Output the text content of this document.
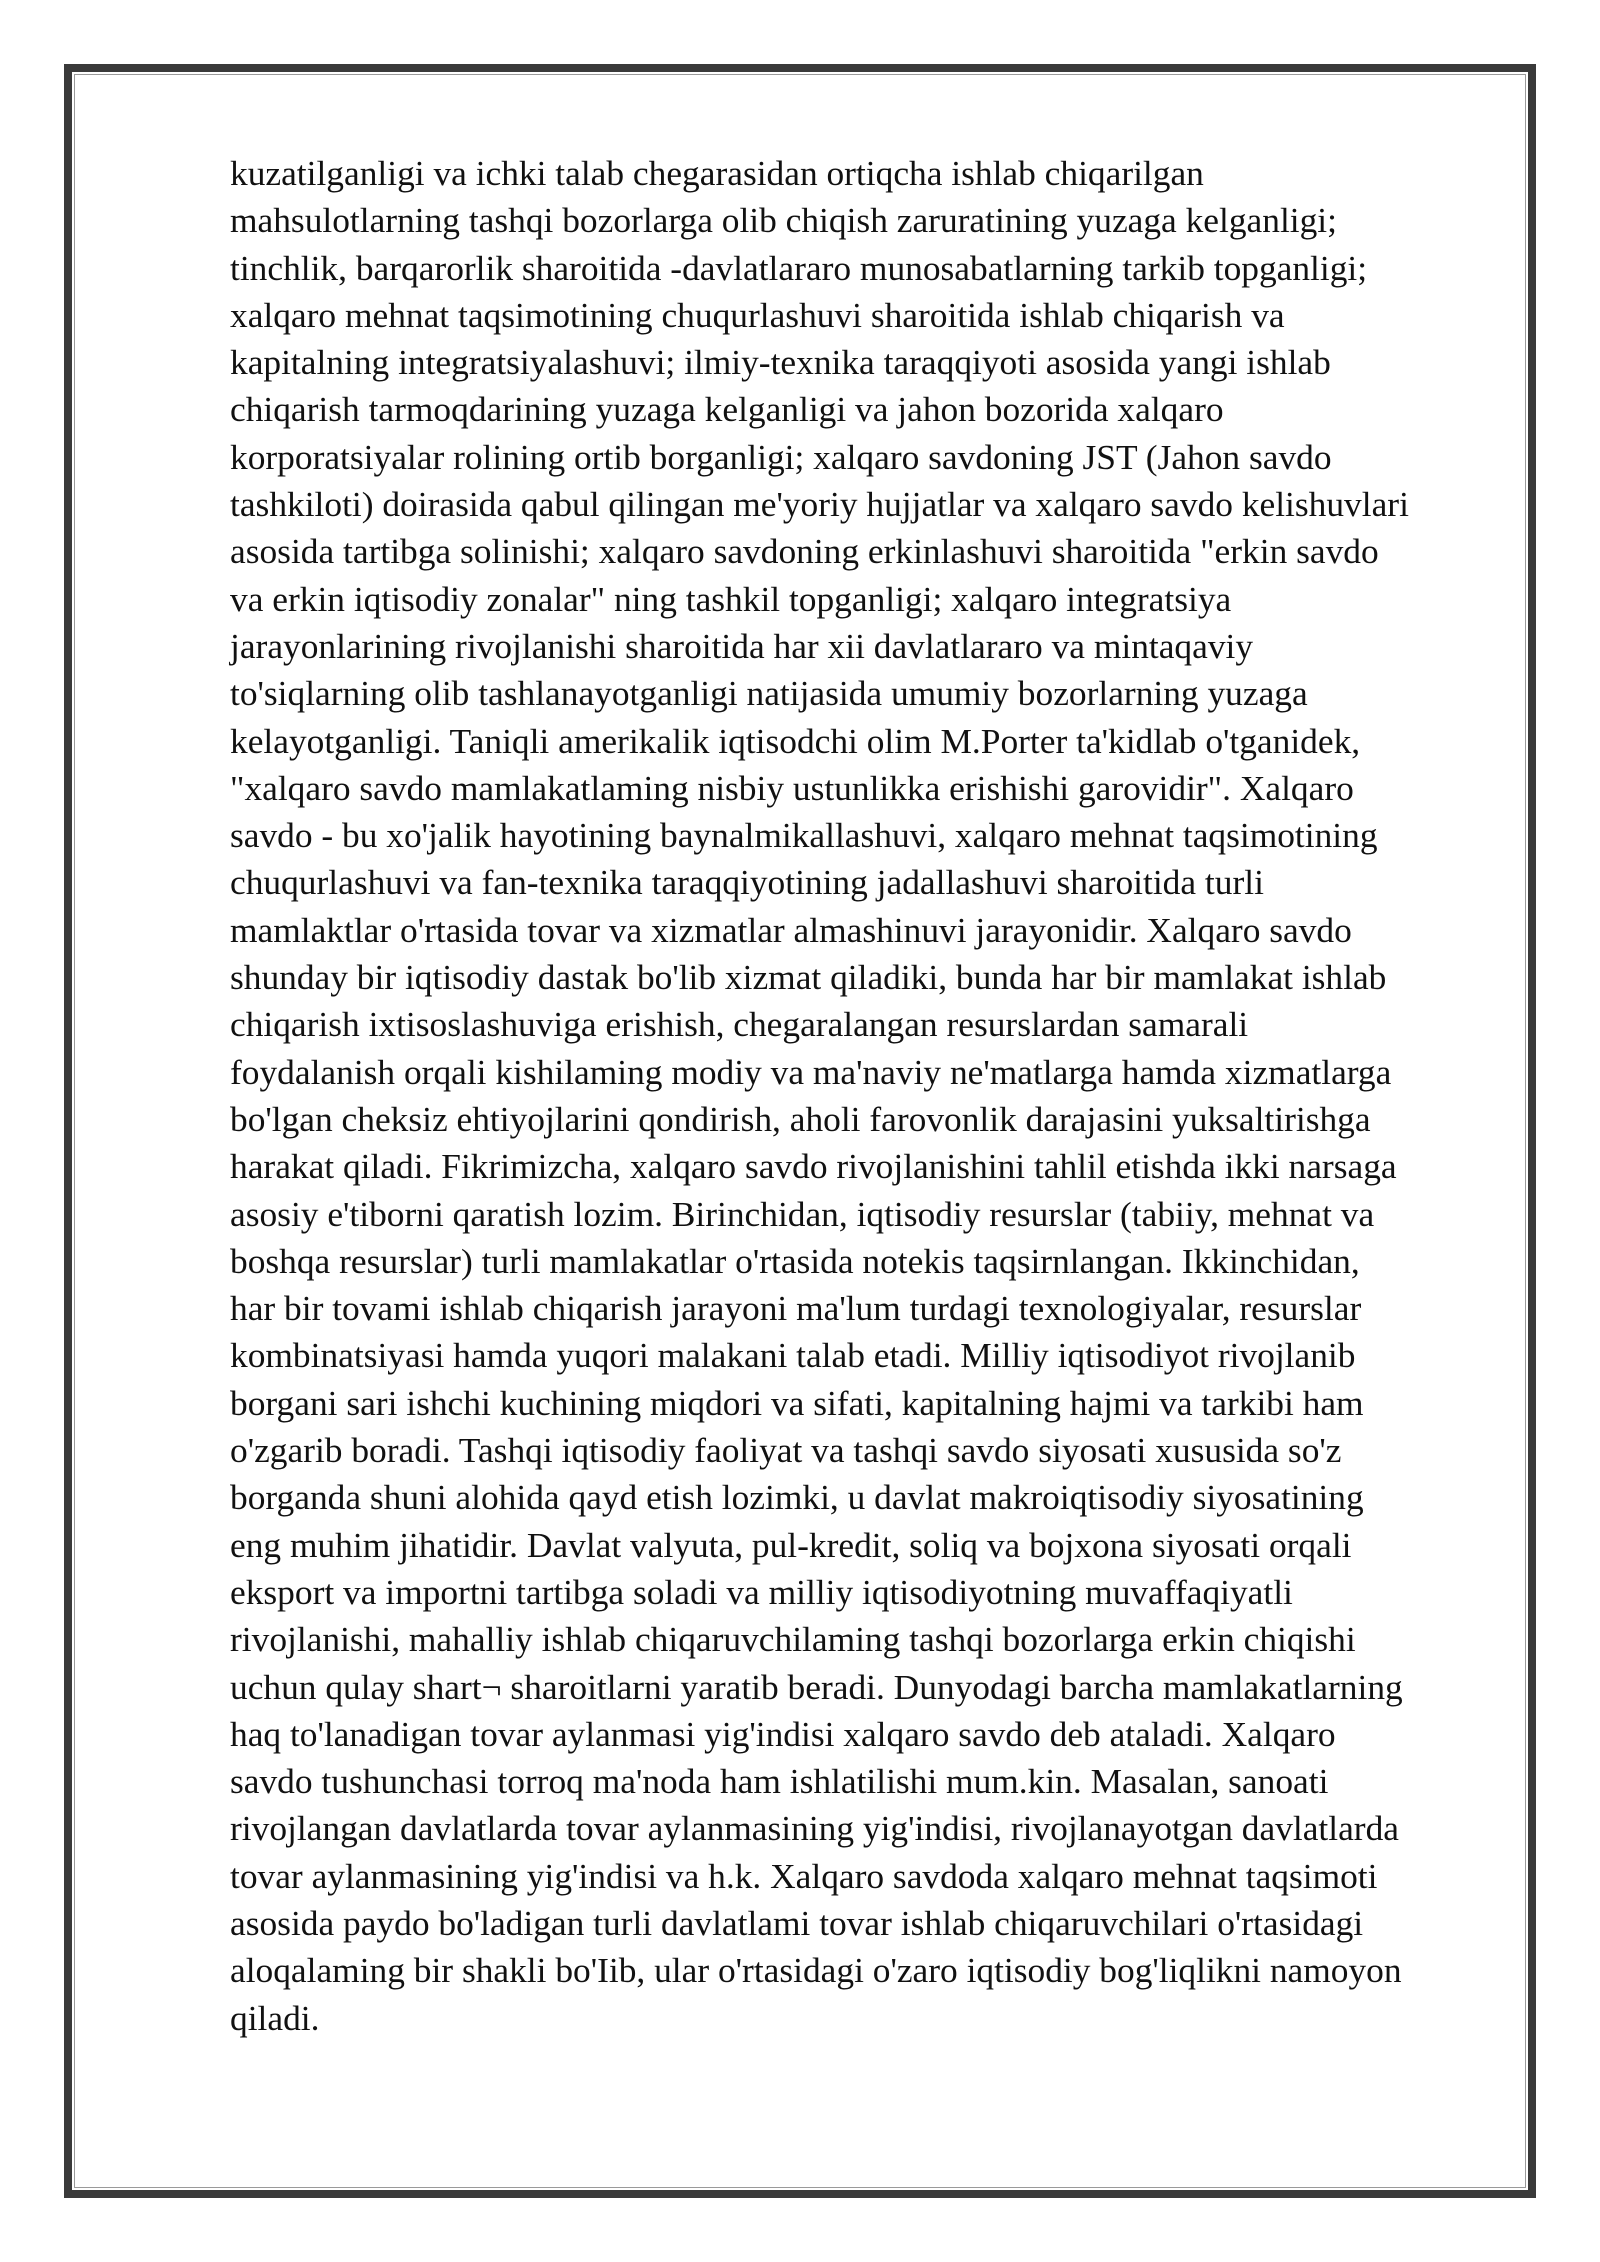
kuzatilganligi va ichki talab chegarasidan ortiqcha ishlab chiqarilgan
mahsulotlarning tashqi bozorlarga olib chiqish zaruratining yuzaga kelganligi;
tinchlik, barqarorlik sharoitida -davlatlararo munosabatlarning tarkib topganligi;
xalqaro mehnat taqsimotining chuqurlashuvi sharoitida ishlab chiqarish va
kapitalning integratsiyalashuvi; ilmiy-texnika taraqqiyoti asosida yangi ishlab
chiqarish tarmoqdarining yuzaga kelganligi va jahon bozorida xalqaro
korporatsiyalar rolining ortib borganligi; xalqaro savdoning JST (Jahon savdo
tashkiloti) doirasida qabul qilingan me'yoriy hujjatlar va xalqaro savdo kelishuvlari
asosida tartibga solinishi; xalqaro savdoning erkinlashuvi sharoitida "erkin savdo
va erkin iqtisodiy zonalar" ning tashkil topganligi; xalqaro integratsiya
jarayonlarining rivojlanishi sharoitida har xii davlatlararo va mintaqaviy
to'siqlarning olib tashlanayotganligi natijasida umumiy bozorlarning yuzaga
kelayotganligi. Taniqli amerikalik iqtisodchi olim M.Porter ta'kidlab o'tganidek,
"xalqaro savdo mamlakatlaming nisbiy ustunlikka erishishi garovidir". Xalqaro
savdo - bu xo'jalik hayotining baynalmikallashuvi, xalqaro mehnat taqsimotining
chuqurlashuvi va fan-texnika taraqqiyotining jadallashuvi sharoitida turli
mamlaktlar o'rtasida tovar va xizmatlar almashinuvi jarayonidir. Xalqaro savdo
shunday bir iqtisodiy dastak bo'lib xizmat qiladiki, bunda har bir mamlakat ishlab
chiqarish ixtisoslashuviga erishish, chegaralangan resurslardan samarali
foydalanish orqali kishilaming modiy va ma'naviy ne'matlarga hamda xizmatlarga
bo'lgan cheksiz ehtiyojlarini qondirish, aholi farovonlik darajasini yuksaltirishga
harakat qiladi. Fikrimizcha, xalqaro savdo rivojlanishini tahlil etishda ikki narsaga
asosiy e'tiborni qaratish lozim. Birinchidan, iqtisodiy resurslar (tabiiy, mehnat va
boshqa resurslar) turli mamlakatlar o'rtasida notekis taqsirnlangan. Ikkinchidan,
har bir tovami ishlab chiqarish jarayoni ma'lum turdagi texnologiyalar, resurslar
kombinatsiyasi hamda yuqori malakani talab etadi. Milliy iqtisodiyot rivojlanib
borgani sari ishchi kuchining miqdori va sifati, kapitalning hajmi va tarkibi ham
o'zgarib boradi. Tashqi iqtisodiy faoliyat va tashqi savdo siyosati xususida so'z
borganda shuni alohida qayd etish lozimki, u davlat makroiqtisodiy siyosatining
eng muhim jihatidir. Davlat valyuta, pul-kredit, soliq va bojxona siyosati orqali
eksport va importni tartibga soladi va milliy iqtisodiyotning muvaffaqiyatli
rivojlanishi, mahalliy ishlab chiqaruvchilaming tashqi bozorlarga erkin chiqishi
uchun qulay shart¬ sharoitlarni yaratib beradi. Dunyodagi barcha mamlakatlarning
haq to'lanadigan tovar aylanmasi yig'indisi xalqaro savdo deb ataladi. Xalqaro
savdo tushunchasi torroq ma'noda ham ishlatilishi mum.kin. Masalan, sanoati
rivojlangan davlatlarda tovar aylanmasining yig'indisi, rivojlanayotgan davlatlarda
tovar aylanmasining yig'indisi va h.k. Xalqaro savdoda xalqaro mehnat taqsimoti
asosida paydo bo'ladigan turli davlatlami tovar ishlab chiqaruvchilari o'rtasidagi
aloqalaming bir shakli bo'Iib, ular o'rtasidagi o'zaro iqtisodiy bog'liqlikni namoyon
qiladi.
